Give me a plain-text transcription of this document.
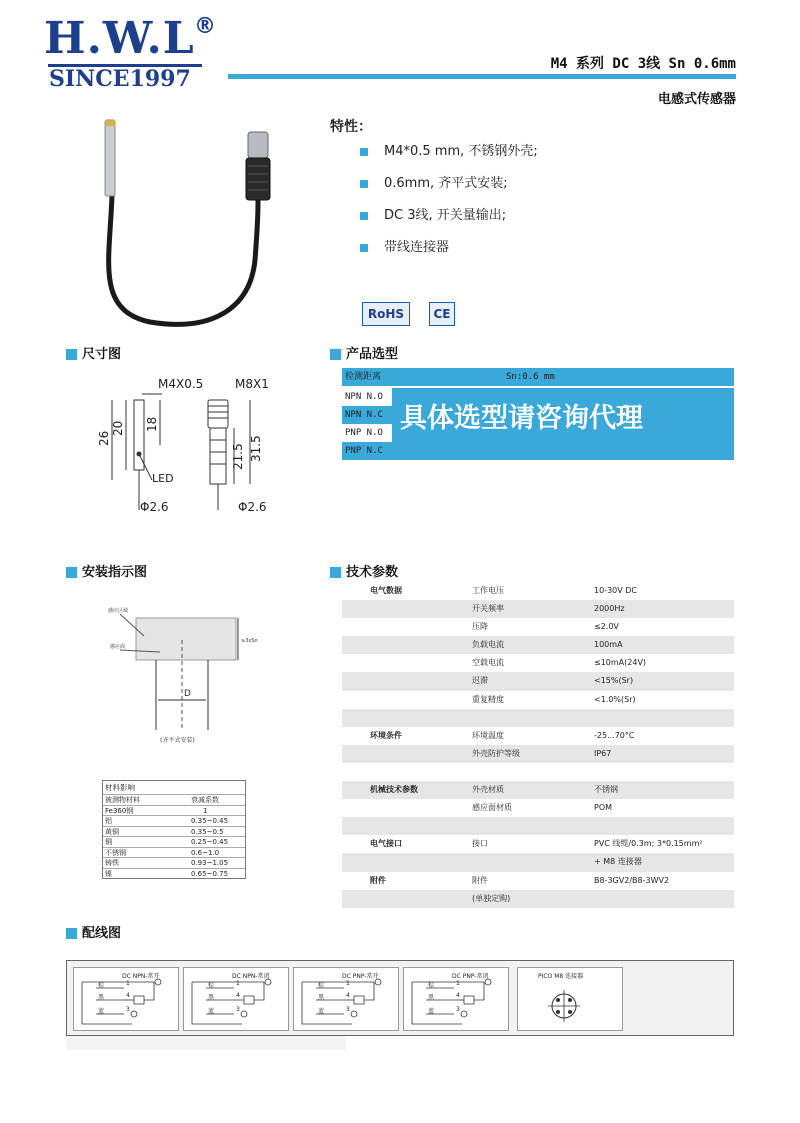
H.W.L ®
SINCE1997
M4 系列 DC 3线 Sn 0.6mm
电感式传感器
特性：
M4*0.5 mm, 不锈钢外壳;
0.6mm, 齐平式安装;
DC 3线, 开关量输出;
带线连接器
RoHS	CE
尺寸图
M4X0.5	M8X1
LED
Φ2.6	Φ2.6
26
20 18
21.5 31.5
产品选型
检测距离	Sn:0.6 mm
NPN N.O
NPN N.C
PNP N.O
PNP N.C
具体选型请咨询代理
安装指示图
感应区域
感应面
≥3xSn
D
(齐平式安装)
材料影响
被测物材料	衰减系数
Fe360钢	1
铝	0.35~0.45
黄铜	0.35~0.5
铜	0.25~0.45
不锈钢	0.6~1.0
铸铁	0.93~1.05
镍	0.65~0.75
技术参数
电气数据	工作电压	10-30V DC
开关频率	2000Hz
压降	≤2.0V
负载电流	100mA
空载电流	≤10mA(24V)
迟滞	<15%(Sr)
重复精度	<1.0%(Sr)
环境条件	环境温度	-25...70°C
外壳防护等级	IP67
机械技术参数	外壳材质	不锈钢
感应面材质	POM
电气接口	接口	PVC 线缆/0.3m; 3*0.15mm²
+ M8 连接器
附件	附件	B8-3GV2/B8-3WV2
(单独定购)
配线图
DC NPN-常开
棕	1
黑	4
蓝	3
DC NPN-常闭
棕	1
黑	4
蓝	3
DC PNP-常开
棕	1
黑	4
蓝	3
DC PNP-常闭
棕	1
黑	4
蓝	3
PICO M8 连接器
